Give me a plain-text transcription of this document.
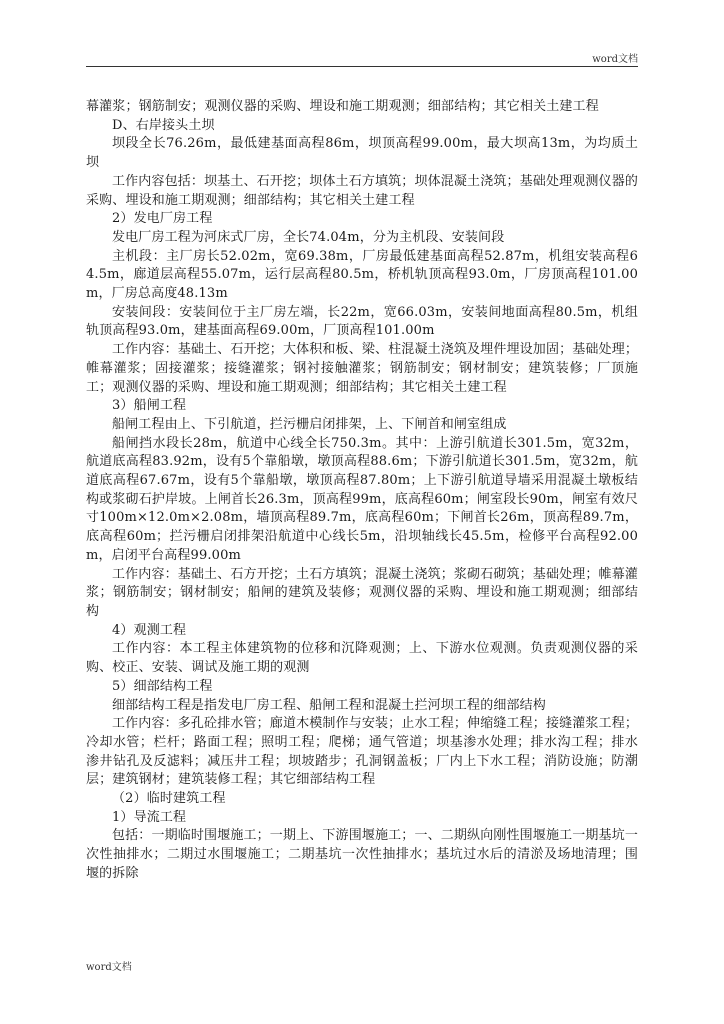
word文档

幕灌浆；钢筋制安；观测仪器的采购、埋设和施工期观测；细部结构；其它相关土建工程

D、右岸接头土坝

坝段全长76.26m，最低建基面高程86m，坝顶高程99.00m，最大坝高13m，为均质土坝

工作内容包括：坝基土、石开挖；坝体土石方填筑；坝体混凝土浇筑；基础处理观测仪器的采购、埋设和施工期观测；细部结构；其它相关土建工程

2）发电厂房工程

发电厂房工程为河床式厂房，全长74.04m，分为主机段、安装间段

主机段：主厂房长52.02m，宽69.38m，厂房最低建基面高程52.87m，机组安装高程64.5m，廊道层高程55.07m，运行层高程80.5m，桥机轨顶高程93.0m，厂房顶高程101.00m，厂房总高度48.13m

安装间段：安装间位于主厂房左端，长22m，宽66.03m，安装间地面高程80.5m，机组轨顶高程93.0m，建基面高程69.00m，厂顶高程101.00m

工作内容：基础土、石开挖；大体积和板、梁、柱混凝土浇筑及埋件埋设加固；基础处理；帷幕灌浆；固接灌浆；接缝灌浆；钢衬接触灌浆；钢筋制安；钢材制安；建筑装修；厂顶施工；观测仪器的采购、埋设和施工期观测；细部结构；其它相关土建工程

3）船闸工程

船闸工程由上、下引航道，拦污栅启闭排架，上、下闸首和闸室组成

船闸挡水段长28m，航道中心线全长750.3m。其中：上游引航道长301.5m，宽32m，航道底高程83.92m，设有5个靠船墩，墩顶高程88.6m；下游引航道长301.5m，宽32m，航道底高程67.67m，设有5个靠船墩，墩顶高程87.80m；上下游引航道导墙采用混凝土墩板结构或浆砌石护岸坡。上闸首长26.3m，顶高程99m，底高程60m；闸室段长90m，闸室有效尺寸100m×12.0m×2.08m，墙顶高程89.7m，底高程60m；下闸首长26m，顶高程89.7m，底高程60m；拦污栅启闭排架沿航道中心线长5m，沿坝轴线长45.5m，检修平台高程92.00m，启闭平台高程99.00m

工作内容：基础土、石方开挖；土石方填筑；混凝土浇筑；浆砌石砌筑；基础处理；帷幕灌浆；钢筋制安；钢材制安；船闸的建筑及装修；观测仪器的采购、埋设和施工期观测；细部结构

4）观测工程

工作内容：本工程主体建筑物的位移和沉降观测；上、下游水位观测。负责观测仪器的采购、校正、安装、调试及施工期的观测

5）细部结构工程

细部结构工程是指发电厂房工程、船闸工程和混凝土拦河坝工程的细部结构

工作内容：多孔砼排水管；廊道木模制作与安装；止水工程；伸缩缝工程；接缝灌浆工程；冷却水管；栏杆；路面工程；照明工程；爬梯；通气管道；坝基渗水处理；排水沟工程；排水渗井钻孔及反滤料；减压井工程；坝坡踏步；孔洞钢盖板；厂内上下水工程；消防设施；防潮层；建筑钢材；建筑装修工程；其它细部结构工程

（2）临时建筑工程

1）导流工程

包括：一期临时围堰施工；一期上、下游围堰施工；一、二期纵向刚性围堰施工一期基坑一次性抽排水；二期过水围堰施工；二期基坑一次性抽排水；基坑过水后的清淤及场地清理；围堰的拆除

word文档
